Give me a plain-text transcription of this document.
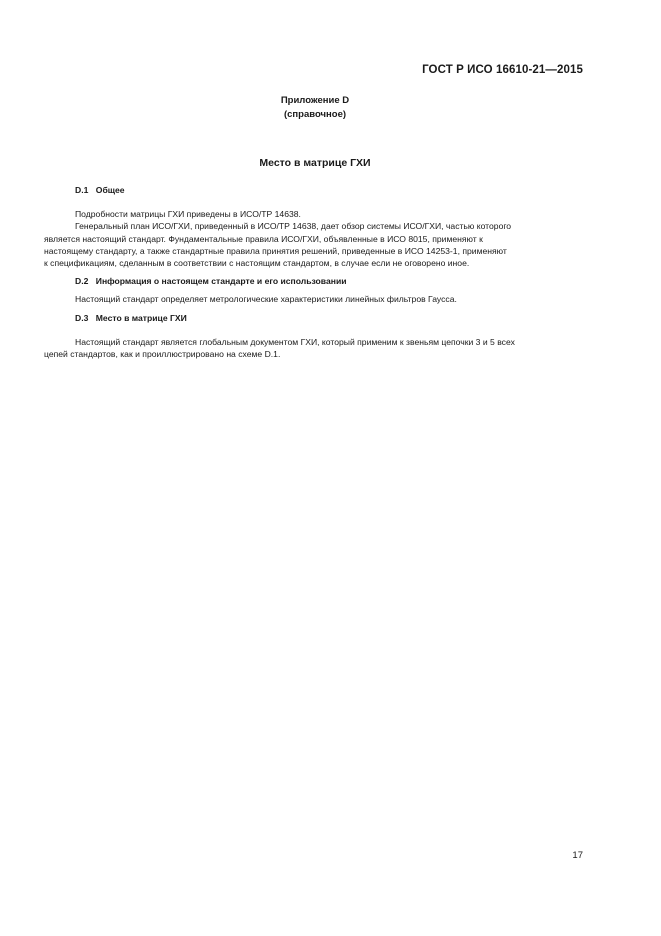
ГОСТ Р ИСО 16610-21—2015
Приложение D
(справочное)
Место в матрице ГХИ
D.1 Общее

Подробности матрицы ГХИ приведены в ИСО/ТР 14638.

Генеральный план ИСО/ГХИ, приведенный в ИСО/ТР 14638, дает обзор системы ИСО/ГХИ, частью которого

является настоящий стандарт. Фундаментальные правила ИСО/ГХИ, объявленные в ИСО 8015, применяют к

настоящему стандарту, а также стандартные правила принятия решений, приведенные в ИСО 14253-1, применяют

к спецификациям, сделанным в соответствии с настоящим стандартом, в случае если не оговорено иное.

D.2 Информация о настоящем стандарте и его использовании

Настоящий стандарт определяет метрологические характеристики линейных фильтров Гаусса.

D.3 Место в матрице ГХИ

Настоящий стандарт является глобальным документом ГХИ, который применим к звеньям цепочки 3 и 5 всех

цепей стандартов, как и проиллюстрировано на схеме D.1.

17
